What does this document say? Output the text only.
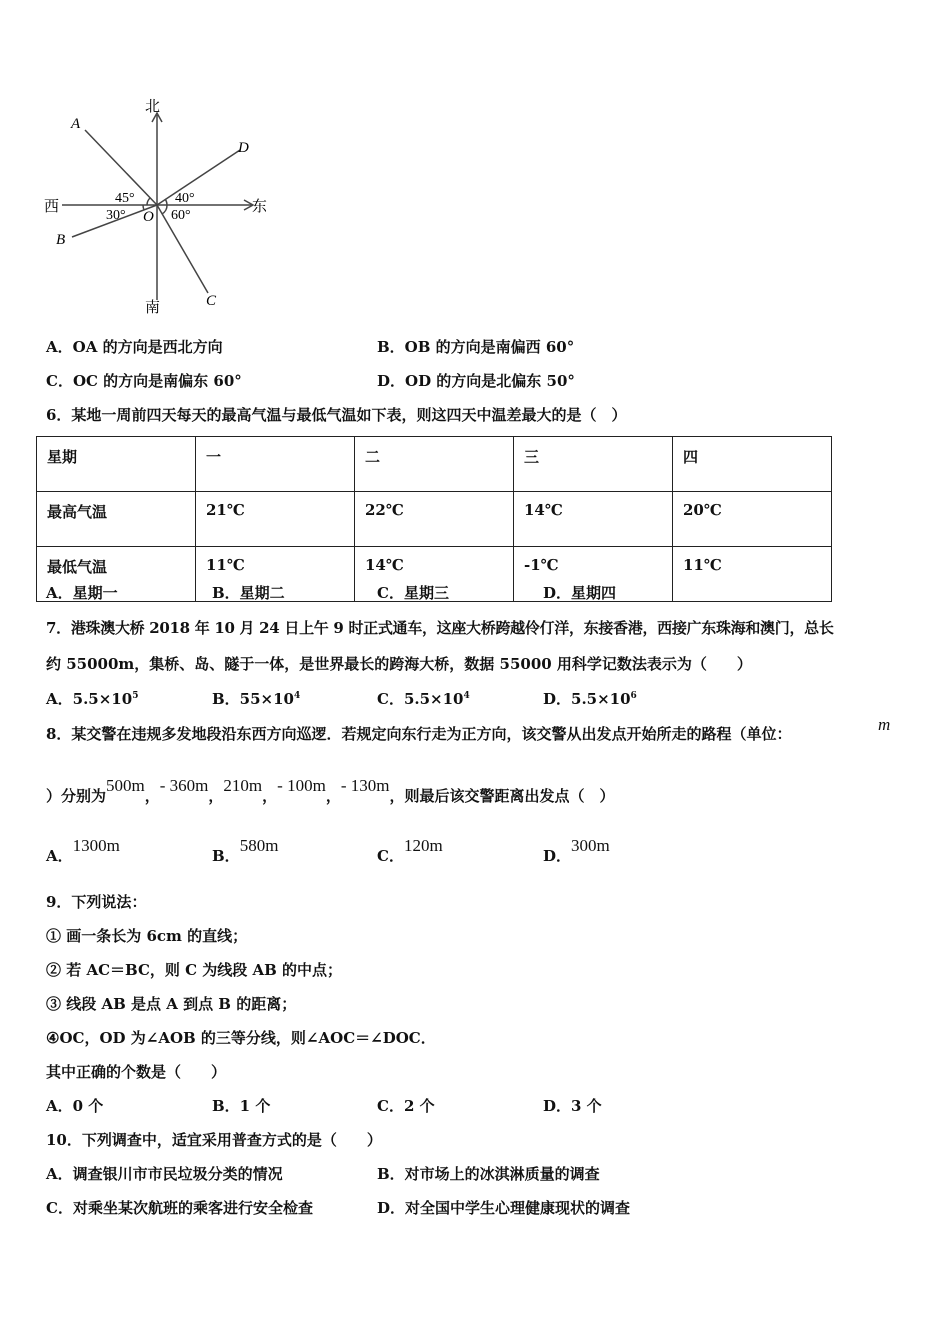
北
南
东
西
A
B
C
D
O
45°	40°
30°	60°
A．OA 的方向是西北方向	B．OB 的方向是南偏西 60°
C．OC 的方向是南偏东 60°	D．OD 的方向是北偏东 50°
6．某地一周前四天每天的最高气温与最低气温如下表，则这四天中温差最大的是（　）
星期	一	二	三	四
最高气温	21℃	22℃	14℃	20℃
最低气温	11℃	14℃	-1℃	11℃
A．星期一	B．星期二	C．星期三	D．星期四
7．港珠澳大桥 2018 年 10 月 24 日上午 9 时正式通车，这座大桥跨越伶仃洋，东接香港，西接广东珠海和澳门，总长
约 55000m，集桥、岛、隧于一体，是世界最长的跨海大桥，数据 55000 用科学记数法表示为（　　）
A．$5.5\times 10^5$	B．$55\times 10^4$	C．$5.5\times 10^4$	D．$5.5\times 10^6$
8．某交警在违规多发地段沿东西方向巡逻．若规定向东行走为正方向，该交警从出发点开始所走的路程（单位：	m
）分别为500m，- 360m，210m，- 100m，- 130m，则最后该交警距离出发点（　）
A．1300m
B．580m
C．120m
D．300m
9．下列说法：
① 画一条长为 6cm 的直线；
② 若 AC＝BC，则 C 为线段 AB 的中点；
③ 线段 AB 是点 A 到点 B 的距离；
④OC，OD 为∠AOB 的三等分线，则∠AOC＝∠DOC．
其中正确的个数是（　　）
A．0 个	B．1 个	C．2 个	D．3 个
10．下列调查中，适宜采用普查方式的是（　　）
A．调查银川市市民垃圾分类的情况	B．对市场上的冰淇淋质量的调查
C．对乘坐某次航班的乘客进行安全检查	D．对全国中学生心理健康现状的调查
